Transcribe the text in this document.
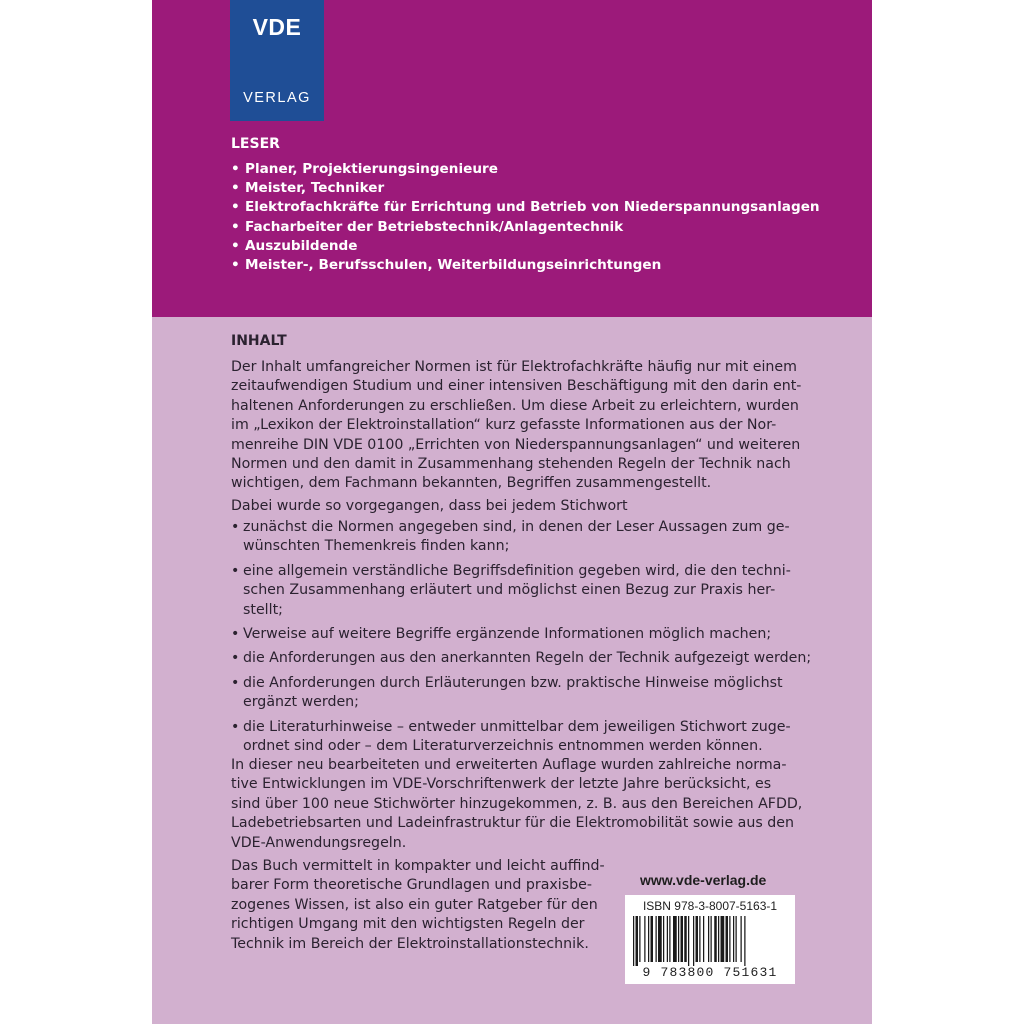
VDE
VERLAG
LESER
• Planer, Projektierungsingenieure
• Meister, Techniker
• Elektrofachkräfte für Errichtung und Betrieb von Niederspannungsanlagen
• Facharbeiter der Betriebstechnik/Anlagentechnik
• Auszubildende
• Meister-, Berufsschulen, Weiterbildungseinrichtungen
INHALT
Der Inhalt umfangreicher Normen ist für Elektrofachkräfte häufig nur mit einem
zeitaufwendigen Studium und einer intensiven Beschäftigung mit den darin ent-
haltenen Anforderungen zu erschließen. Um diese Arbeit zu erleichtern, wurden
im „Lexikon der Elektroinstallation“ kurz gefasste Informationen aus der Nor-
menreihe DIN VDE 0100 „Errichten von Niederspannungsanlagen“ und weiteren
Normen und den damit in Zusammenhang stehenden Regeln der Technik nach
wichtigen, dem Fachmann bekannten, Begriffen zusammengestellt.
Dabei wurde so vorgegangen, dass bei jedem Stichwort
• zunächst die Normen angegeben sind, in denen der Leser Aussagen zum ge-
wünschten Themenkreis finden kann;
• eine allgemein verständliche Begriffsdefinition gegeben wird, die den techni-
schen Zusammenhang erläutert und möglichst einen Bezug zur Praxis her-
stellt;
• Verweise auf weitere Begriffe ergänzende Informationen möglich machen;
• die Anforderungen aus den anerkannten Regeln der Technik aufgezeigt werden;
• die Anforderungen durch Erläuterungen bzw. praktische Hinweise möglichst
ergänzt werden;
• die Literaturhinweise – entweder unmittelbar dem jeweiligen Stichwort zuge-
ordnet sind oder – dem Literaturverzeichnis entnommen werden können.
In dieser neu bearbeiteten und erweiterten Auflage wurden zahlreiche norma-
tive Entwicklungen im VDE-Vorschriftenwerk der letzte Jahre berücksicht, es
sind über 100 neue Stichwörter hinzugekommen, z. B. aus den Bereichen AFDD,
Ladebetriebsarten und Ladeinfrastruktur für die Elektromobilität sowie aus den
VDE-Anwendungsregeln.
Das Buch vermittelt in kompakter und leicht auffind-
barer Form theoretische Grundlagen und praxisbe-
zogenes Wissen, ist also ein guter Ratgeber für den
richtigen Umgang mit den wichtigsten Regeln der
Technik im Bereich der Elektroinstallationstechnik.
www.vde-verlag.de
ISBN 978-3-8007-5163-1
9 783800 751631
